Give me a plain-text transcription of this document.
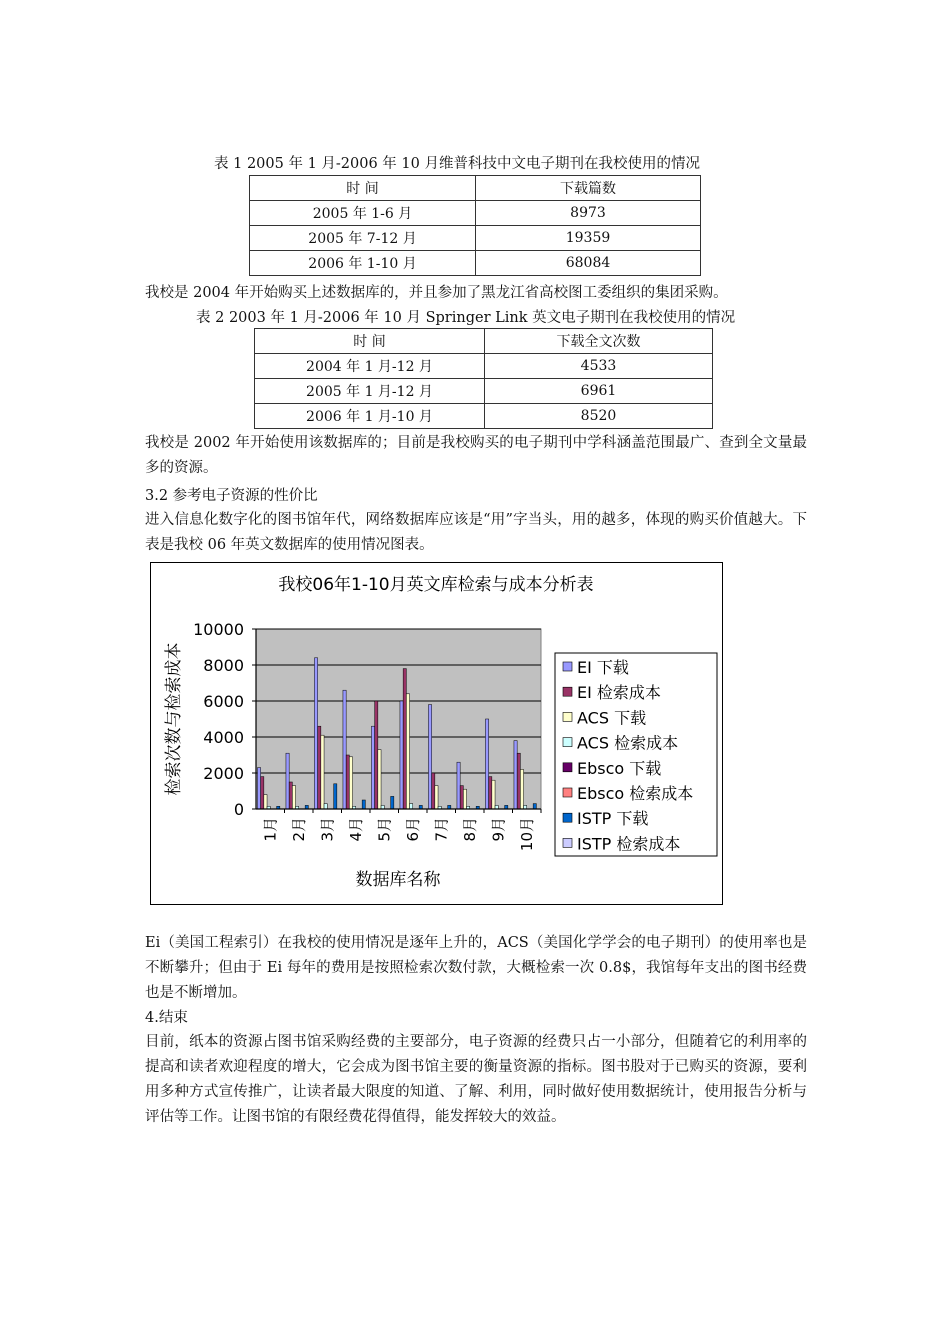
表 1 2005 年 1 月-2006 年 10 月维普科技中文电子期刊在我校使用的情况
时 间	下载篇数
2005 年 1-6 月	8973
2005 年 7-12 月	19359
2006 年 1-10 月	68084
我校是 2004 年开始购买上述数据库的，并且参加了黑龙江省高校图工委组织的集团采购。
表 2 2003 年 1 月-2006 年 10 月 Springer Link 英文电子期刊在我校使用的情况
时 间	下载全文次数
2004 年 1 月-12 月	4533
2005 年 1 月-12 月	6961
2006 年 1 月-10 月	8520
我校是 2002 年开始使用该数据库的；目前是我校购买的电子期刊中学科涵盖范围最广、查到全文量最多的资源。
3.2 参考电子资源的性价比
进入信息化数字化的图书馆年代，网络数据库应该是“用”字当头，用的越多，体现的购买价值越大。下表是我校 06 年英文数据库的使用情况图表。
我校06年1-10月英文库检索与成本分析表
0
2000
4000
6000
8000
10000
1月 2月 3月 4月 5月 6月 7月 8月 9月 10月
检索次数与检索成本
数据库名称
EI 下载
EI 检索成本
ACS 下载
ACS 检索成本
Ebsco 下载
Ebsco 检索成本
ISTP 下载
ISTP 检索成本
Ei（美国工程索引）在我校的使用情况是逐年上升的，ACS（美国化学学会的电子期刊）的使用率也是不断攀升；但由于 Ei 每年的费用是按照检索次数付款，大概检索一次 0.8$，我馆每年支出的图书经费也是不断增加。
4.结束
目前，纸本的资源占图书馆采购经费的主要部分，电子资源的经费只占一小部分，但随着它的利用率的提高和读者欢迎程度的增大，它会成为图书馆主要的衡量资源的指标。图书股对于已购买的资源，要利用多种方式宣传推广，让读者最大限度的知道、了解、利用，同时做好使用数据统计，使用报告分析与评估等工作。让图书馆的有限经费花得值得，能发挥较大的效益。
